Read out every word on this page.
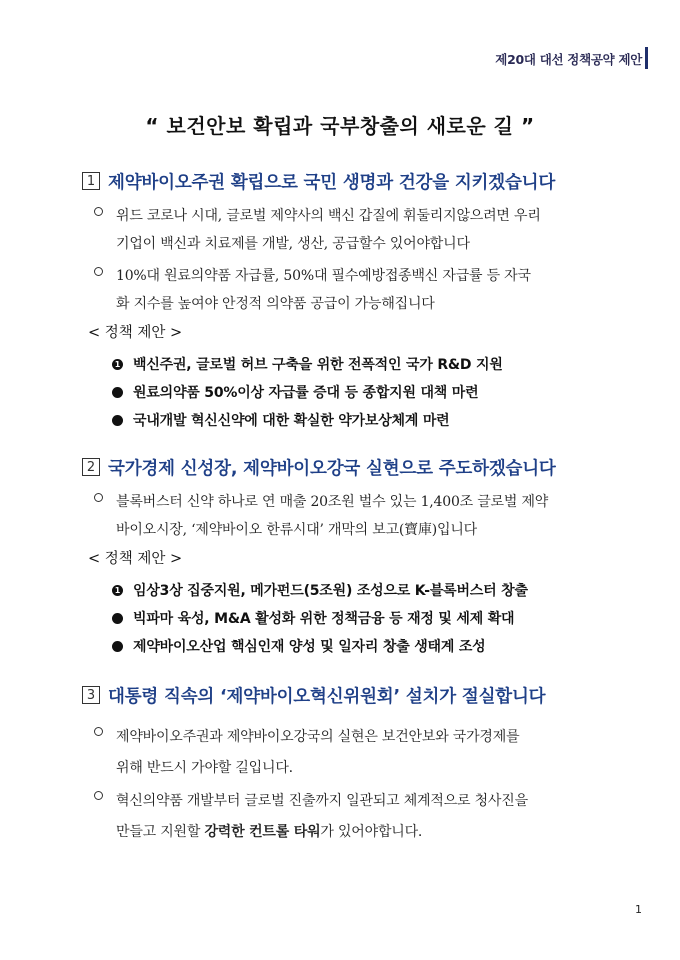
제20대 대선 정책공약 제안
“ 보건안보 확립과 국부창출의 새로운 길 ”
1 제약바이오주권 확립으로 국민 생명과 건강을 지키겠습니다
위드 코로나 시대, 글로벌 제약사의 백신 갑질에 휘둘리지않으려면 우리
기업이 백신과 치료제를 개발, 생산, 공급할수 있어야합니다
10%대 원료의약품 자급률, 50%대 필수예방접종백신 자급률 등 자국
화 지수를 높여야 안정적 의약품 공급이 가능해집니다
< 정책 제안 >
1 백신주권, 글로벌 허브 구축을 위한 전폭적인 국가 R&D 지원
원료의약품 50%이상 자급률 증대 등 종합지원 대책 마련
국내개발 혁신신약에 대한 확실한 약가보상체계 마련
2 국가경제 신성장, 제약바이오강국 실현으로 주도하겠습니다
블록버스터 신약 하나로 연 매출 20조원 벌수 있는 1,400조 글로벌 제약
바이오시장, ‘제약바이오 한류시대’ 개막의 보고(寶庫)입니다
< 정책 제안 >
1 임상3상 집중지원, 메가펀드(5조원) 조성으로 K-블록버스터 창출
빅파마 육성, M&A 활성화 위한 정책금융 등 재정 및 세제 확대
제약바이오산업 핵심인재 양성 및 일자리 창출 생태계 조성
3 대통령 직속의 ‘제약바이오혁신위원회’ 설치가 절실합니다
제약바이오주권과 제약바이오강국의 실현은 보건안보와 국가경제를
위해 반드시 가야할 길입니다.
혁신의약품 개발부터 글로벌 진출까지 일관되고 체계적으로 청사진을
만들고 지원할 강력한 컨트롤 타워가 있어야합니다.
1
